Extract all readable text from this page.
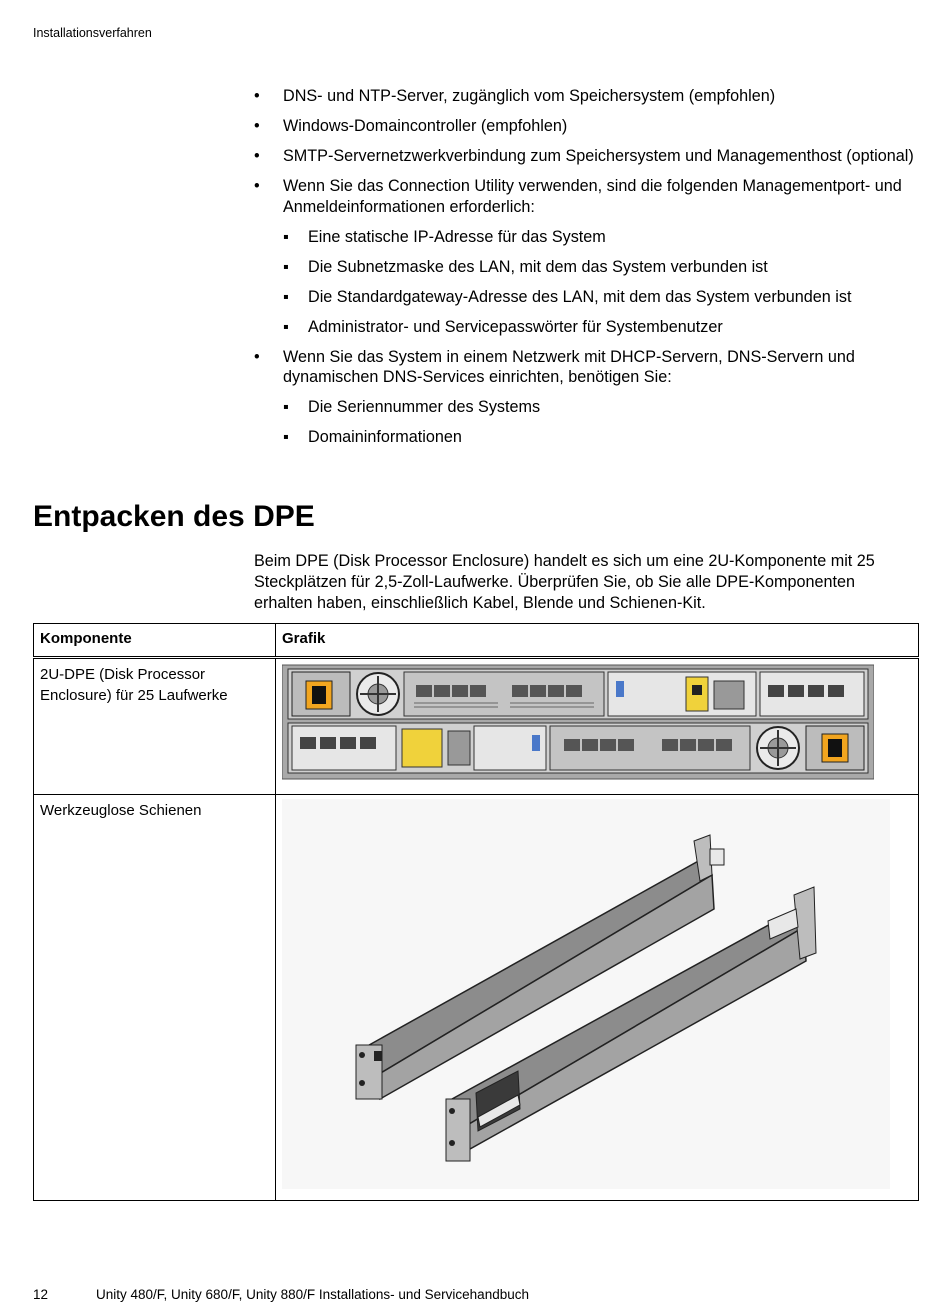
Installationsverfahren
• DNS- und NTP-Server, zugänglich vom Speichersystem (empfohlen)
• Windows-Domaincontroller (empfohlen)
• SMTP-Servernetzwerkverbindung zum Speichersystem und Managementhost (optional)
• Wenn Sie das Connection Utility verwenden, sind die folgenden Managementport- und Anmeldeinformationen erforderlich:
▪ Eine statische IP-Adresse für das System
▪ Die Subnetzmaske des LAN, mit dem das System verbunden ist
▪ Die Standardgateway-Adresse des LAN, mit dem das System verbunden ist
▪ Administrator- und Servicepasswörter für Systembenutzer
• Wenn Sie das System in einem Netzwerk mit DHCP-Servern, DNS-Servern und dynamischen DNS-Services einrichten, benötigen Sie:
▪ Die Seriennummer des Systems
▪ Domaininformationen
Entpacken des DPE
Beim DPE (Disk Processor Enclosure) handelt es sich um eine 2U-Komponente mit 25 Steckplätzen für 2,5-Zoll-Laufwerke. Überprüfen Sie, ob Sie alle DPE-Komponenten erhalten haben, einschließlich Kabel, Blende und Schienen-Kit.
Komponente	Grafik

2U-DPE (Disk Processor Enclosure) für 25 Laufwerke

Werkzeuglose Schienen

12	Unity 480/F, Unity 680/F, Unity 880/F Installations- und Servicehandbuch
